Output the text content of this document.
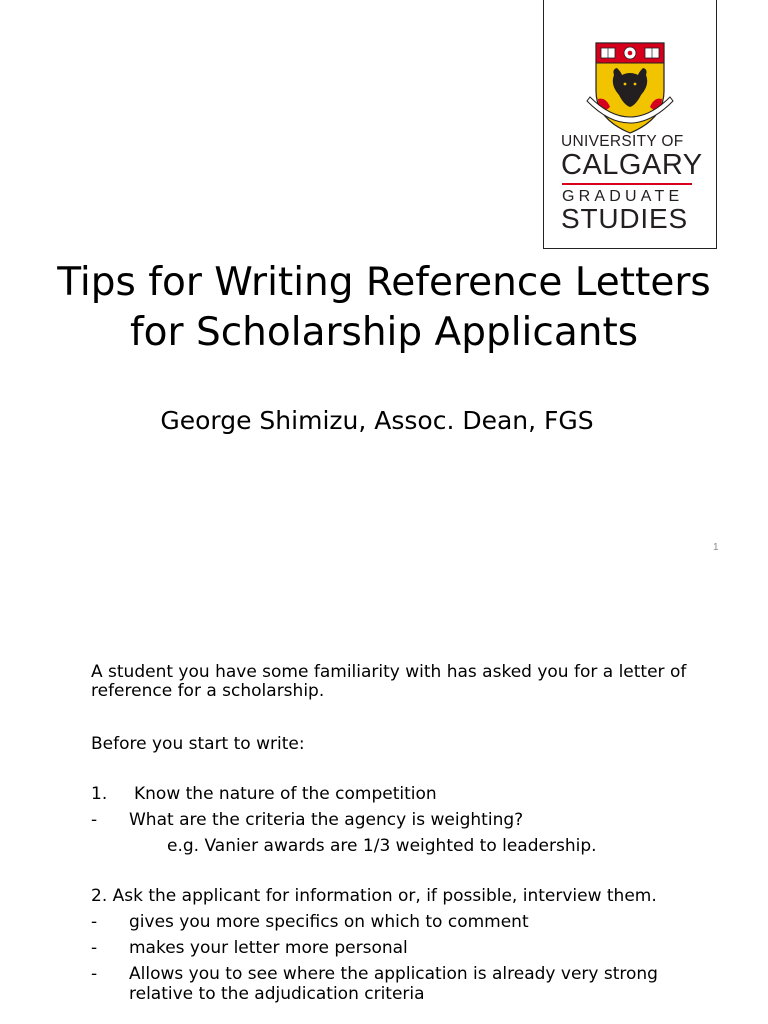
UNIVERSITY OF
CALGARY
GRADUATE
STUDIES
Tips for Writing Reference Letters
for Scholarship Applicants
George Shimizu, Assoc. Dean, FGS
1
A student you have some familiarity with has asked you for a letter of
reference for a scholarship.
Before you start to write:
1. Know the nature of the competition
-	What are the criteria the agency is weighting?
e.g. Vanier awards are 1/3 weighted to leadership.
2. Ask the applicant for information or, if possible, interview them.
-	gives you more specifics on which to comment
-	makes your letter more personal
-	Allows you to see where the application is already very strong
relative to the adjudication criteria
